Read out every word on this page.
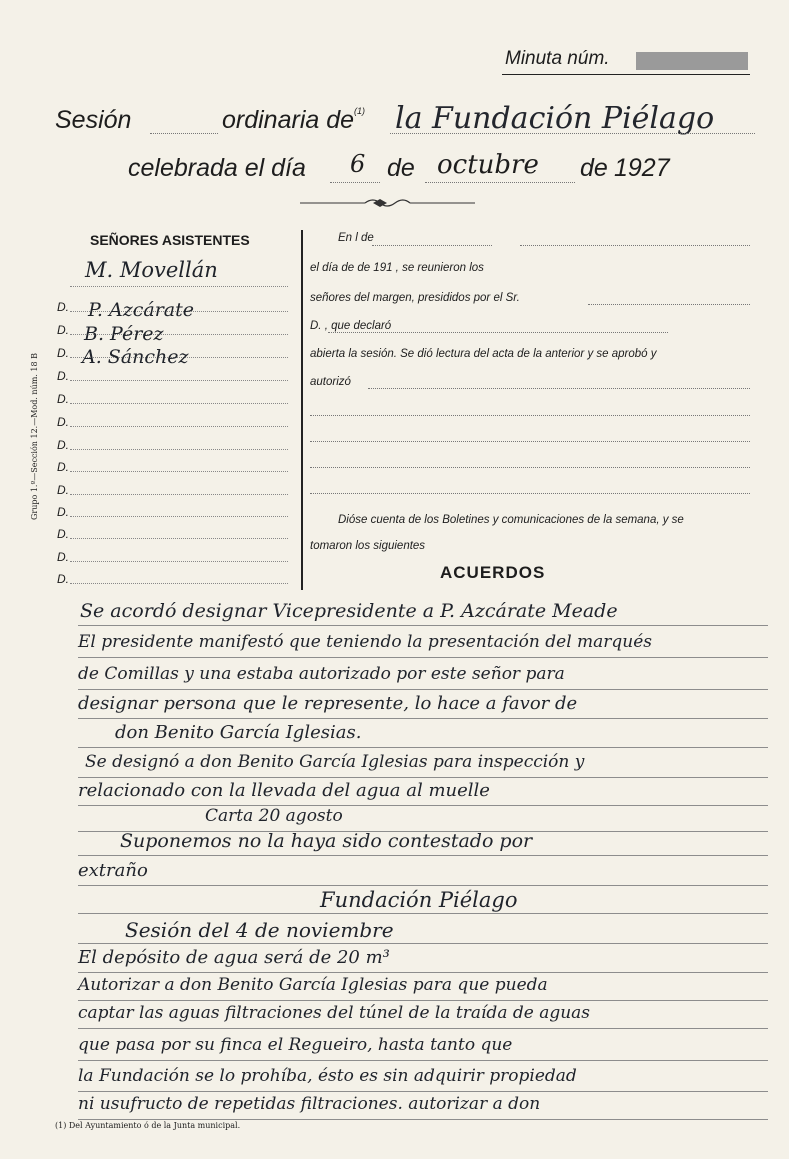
Minuta núm.
Sesión	ordinaria $de^{(1)}$ la Fundación Piélago
celebrada el día 6 de octubre de 1927
SEÑORES ASISTENTES
D.
D.
D.
D.
D.
D.
D.
D.
D.
D.
D.
D.
D.
M. Movellán
P. Azcárate
B. Pérez
A. Sánchez
En l de
el día de de 191 , se reunieron los
señores del margen, presididos por el Sr.
D. , que declaró
abierta la sesión. Se dió lectura del acta de la anterior y se aprobó y
autorizó
Dióse cuenta de los Boletines y comunicaciones de la semana, y se
tomaron los siguientes
ACUERDOS
Se acordó designar Vicepresidente a P. Azcárate Meade
El presidente manifestó que teniendo la presentación del marqués
de Comillas y una estaba autorizado por este señor para
designar persona que le represente, lo hace a favor de
don Benito García Iglesias.
Se designó a don Benito García Iglesias para inspección y
relacionado con la llevada del agua al muelle
Carta 20 agosto
Suponemos no la haya sido contestado por
extraño
Fundación Piélago
Sesión del 4 de noviembre
El depósito de agua será de 20 m³
Autorizar a don Benito García Iglesias para que pueda
captar las aguas filtraciones del túnel de la traída de aguas
que pasa por su finca el Regueiro, hasta tanto que
la Fundación se lo prohíba, ésto es sin adquirir propiedad
ni usufructo de repetidas filtraciones. autorizar a don
Grupo 1.º—Sección 12.—Mod. núm. 18 B
(1) Del Ayuntamiento ó de la Junta municipal.
